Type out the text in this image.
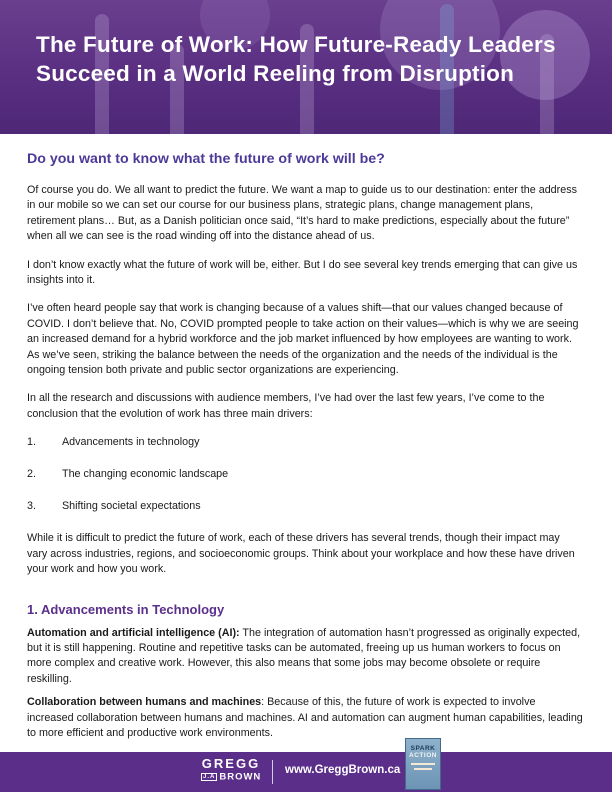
The Future of Work: How Future-Ready Leaders Succeed in a World Reeling from Disruption
Do you want to know what the future of work will be?

Of course you do. We all want to predict the future. We want a map to guide us to our destination: enter the address in our mobile so we can set our course for our business plans, strategic plans, change management plans, retirement plans… But, as a Danish politician once said, “It’s hard to make predictions, especially about the future” when all we can see is the road winding off into the distance ahead of us.

I don’t know exactly what the future of work will be, either. But I do see several key trends emerging that can give us insights into it.

I’ve often heard people say that work is changing because of a values shift—that our values changed because of COVID. I don’t believe that. No, COVID prompted people to take action on their values—which is why we are seeing an increased demand for a hybrid workforce and the job market influenced by how employees are wanting to work. As we’ve seen, striking the balance between the needs of the organization and the needs of the individual is the ongoing tension both private and public sector organizations are experiencing.

In all the research and discussions with audience members, I’ve had over the last few years, I’ve come to the conclusion that the evolution of work has three main drivers:

1. Advancements in technology
2. The changing economic landscape
3. Shifting societal expectations

While it is difficult to predict the future of work, each of these drivers has several trends, though their impact may vary across industries, regions, and socioeconomic groups. Think about your workplace and how these have driven your work and how you work.

1. Advancements in Technology

Automation and artificial intelligence (AI): The integration of automation hasn’t progressed as originally expected, but it is still happening. Routine and repetitive tasks can be automated, freeing up us human workers to focus on more complex and creative work. However, this also means that some jobs may become obsolete or require reskilling.

Collaboration between humans and machines: Because of this, the future of work is expected to involve increased collaboration between humans and machines. AI and automation can augment human capabilities, leading to more efficient and productive work environments.

GREGG
J.A BROWN
www.GreggBrown.ca
SPARK
ACTION
